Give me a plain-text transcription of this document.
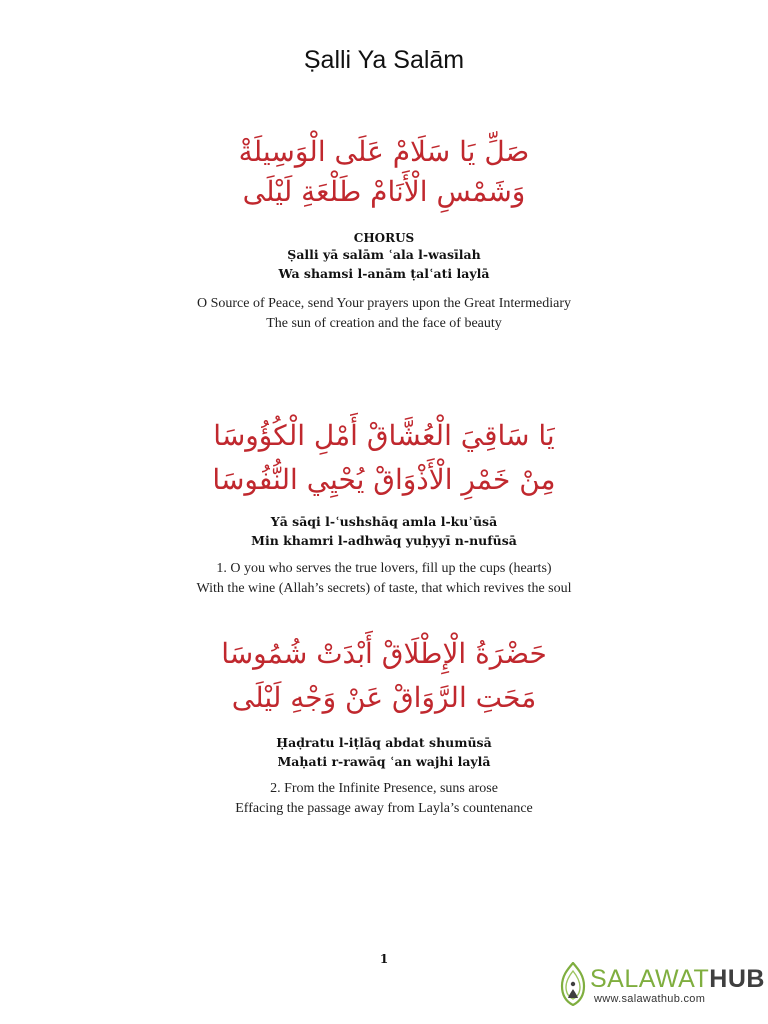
Ṣalli Ya Salām
صَلِّ يَا سَلَامْ عَلَى الْوَسِيلَةْ
وَشَمْسِ الْأَنَامْ طَلْعَةِ لَيْلَى
CHORUS
Ṣalli yā salām ʿala l-wasīlah
Wa shamsi l-anām ṭalʿati laylā
O Source of Peace, send Your prayers upon the Great Intermediary
The sun of creation and the face of beauty
يَا سَاقِيَ الْعُشَّاقْ أَمْلِ الْكُؤُوسَا
مِنْ خَمْرِ الْأَذْوَاقْ يُحْيِي النُّفُوسَا
Yā sāqi l-ʿushshāq amla l-kuʾūsā
Min khamri l-adhwāq yuḥyyī n-nufūsā
1. O you who serves the true lovers, fill up the cups (hearts)
With the wine (Allah’s secrets) of taste, that which revives the soul
حَضْرَةُ الْإِطْلَاقْ أَبْدَتْ شُمُوسَا
مَحَتِ الرَّوَاقْ عَنْ وَجْهِ لَيْلَى
Ḥaḍratu l-iṭlāq abdat shumūsā
Maḥati r-rawāq ʿan wajhi laylā
2. From the Infinite Presence, suns arose
Effacing the passage away from Layla’s countenance
1
SALAWATHUB
www.salawathub.com
